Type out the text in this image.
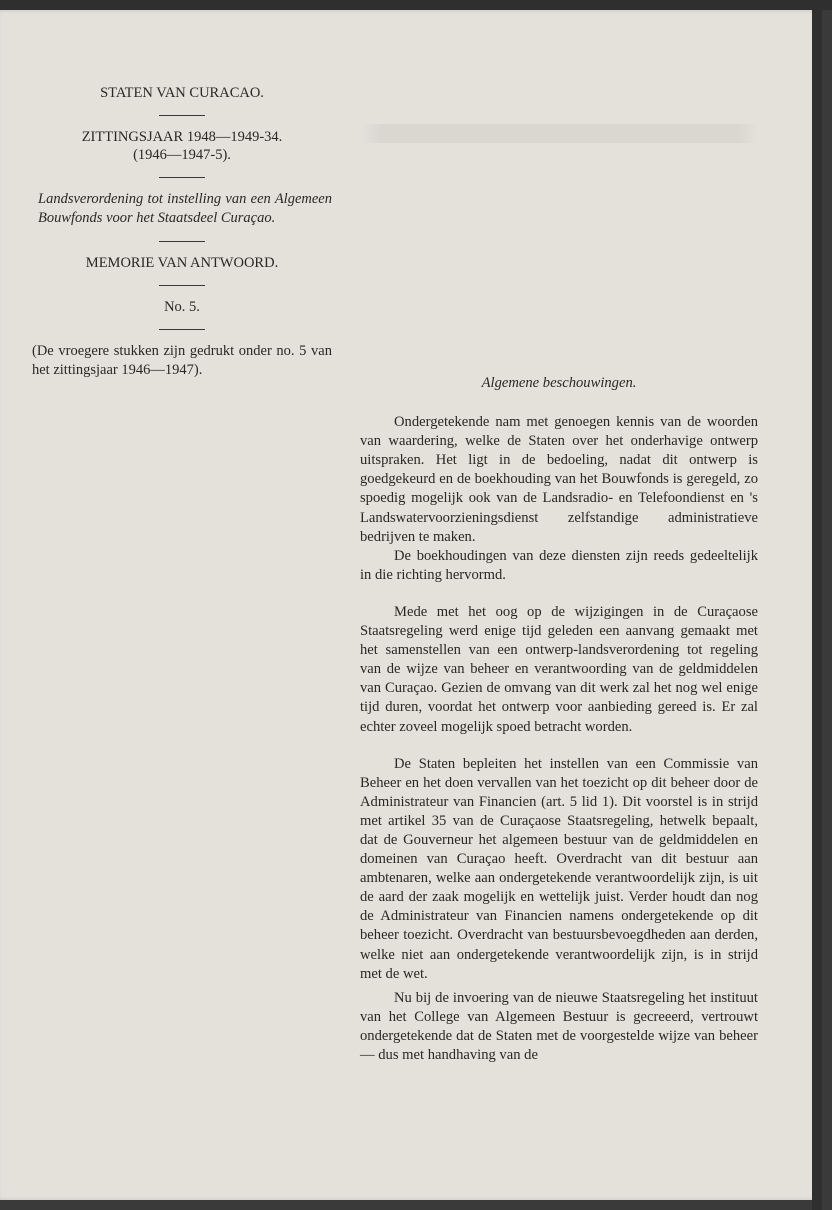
STATEN VAN CURACAO.

ZITTINGSJAAR 1948—1949-34.

(1946—1947-5).

Landsverordening tot instelling van een Algemeen Bouwfonds voor het Staatsdeel Curaçao.

MEMORIE VAN ANTWOORD.

No. 5.

(De vroegere stukken zijn gedrukt onder no. 5 van het zittingsjaar 1946—1947).

Algemene beschouwingen.

Ondergetekende nam met genoegen kennis van de woorden van waardering, welke de Staten over het onderhavige ontwerp uitspraken. Het ligt in de bedoeling, nadat dit ontwerp is goedgekeurd en de boekhouding van het Bouwfonds is geregeld, zo spoedig mogelijk ook van de Landsradio- en Telefoondienst en 's Landswatervoorzieningsdienst zelfstandige administratieve bedrijven te maken.

De boekhoudingen van deze diensten zijn reeds gedeeltelijk in die richting hervormd.

Mede met het oog op de wijzigingen in de Curaçaose Staatsregeling werd enige tijd geleden een aanvang gemaakt met het samenstellen van een ontwerp-landsverordening tot regeling van de wijze van beheer en verantwoording van de geldmiddelen van Curaçao. Gezien de omvang van dit werk zal het nog wel enige tijd duren, voordat het ontwerp voor aanbieding gereed is. Er zal echter zoveel mogelijk spoed betracht worden.

De Staten bepleiten het instellen van een Commissie van Beheer en het doen vervallen van het toezicht op dit beheer door de Administrateur van Financien (art. 5 lid 1). Dit voorstel is in strijd met artikel 35 van de Curaçaose Staatsregeling, hetwelk bepaalt, dat de Gouverneur het algemeen bestuur van de geldmiddelen en domeinen van Curaçao heeft. Overdracht van dit bestuur aan ambtenaren, welke aan ondergetekende verantwoordelijk zijn, is uit de aard der zaak mogelijk en wettelijk juist. Verder houdt dan nog de Administrateur van Financien namens ondergetekende op dit beheer toezicht. Overdracht van bestuursbevoegdheden aan derden, welke niet aan ondergetekende verantwoordelijk zijn, is in strijd met de wet.

Nu bij de invoering van de nieuwe Staatsregeling het instituut van het College van Algemeen Bestuur is gecreeerd, vertrouwt ondergetekende dat de Staten met de voorgestelde wijze van beheer — dus met handhaving van de
